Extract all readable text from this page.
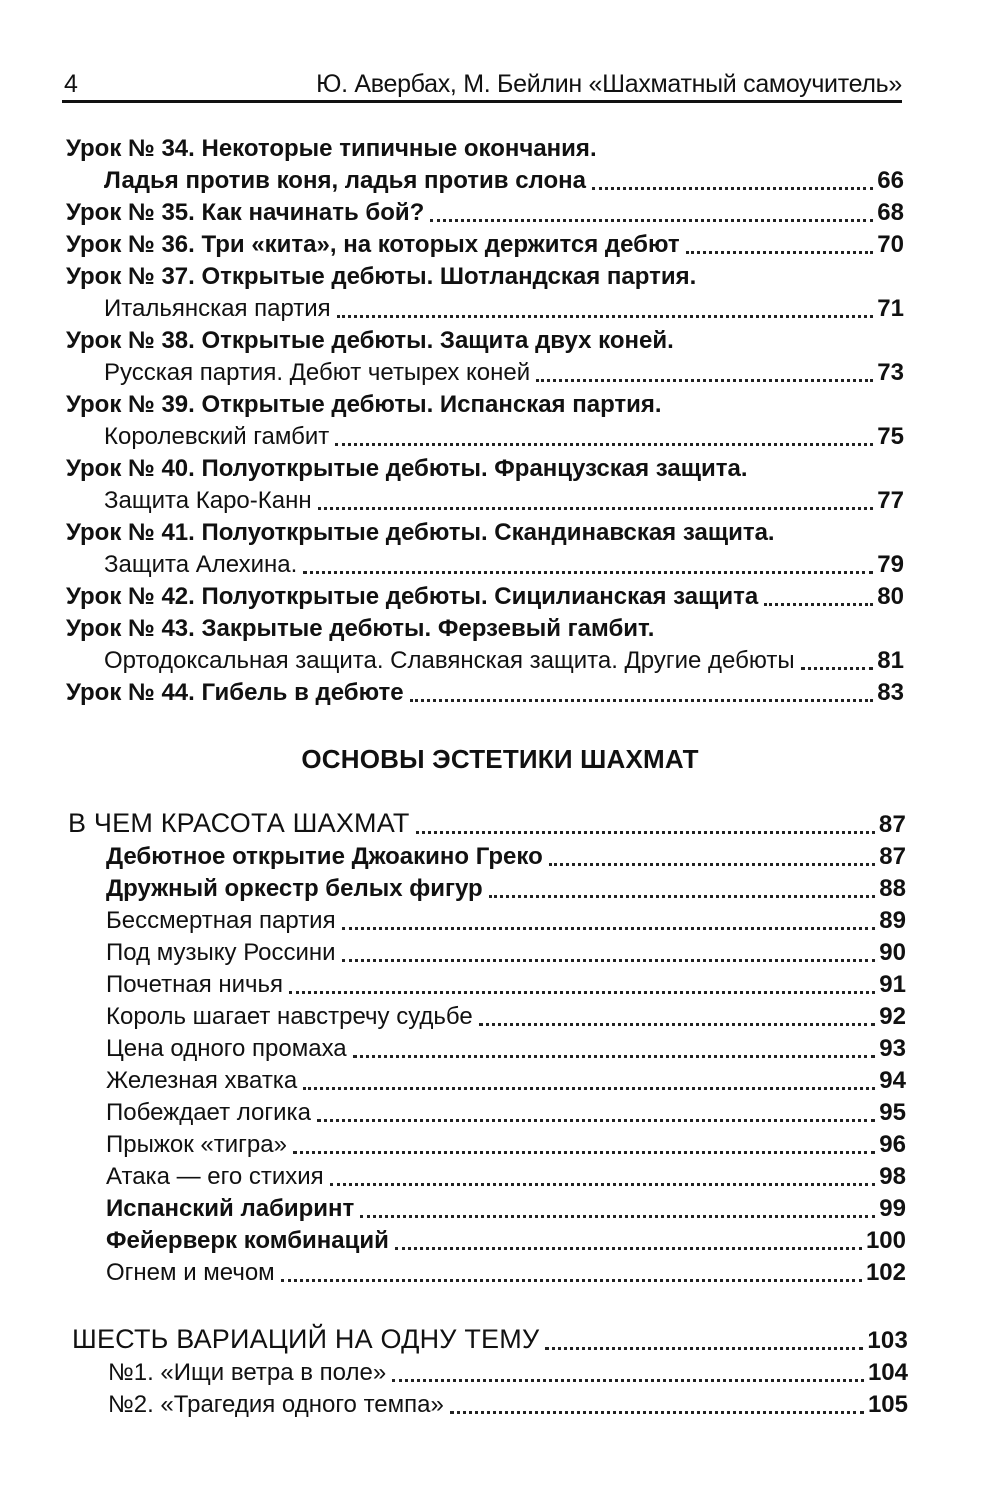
4	Ю. Авербах, М. Бейлин «Шахматный самоучитель»
Урок № 34. Некоторые типичные окончания.
Ладья против коня, ладья против слона	66
Урок № 35. Как начинать бой?	68
Урок № 36. Три «кита», на которых держится дебют	70
Урок № 37. Открытые дебюты. Шотландская партия.
Итальянская партия	71
Урок № 38. Открытые дебюты. Защита двух коней.
Русская партия. Дебют четырех коней	73
Урок № 39. Открытые дебюты. Испанская партия.
Королевский гамбит	75
Урок № 40. Полуоткрытые дебюты. Французская защита.
Защита Каро-Канн	77
Урок № 41. Полуоткрытые дебюты. Скандинавская защита.
Защита Алехина.	79
Урок № 42. Полуоткрытые дебюты. Сицилианская защита	80
Урок № 43. Закрытые дебюты. Ферзевый гамбит.
Ортодоксальная защита. Славянская защита. Другие дебюты	81
Урок № 44. Гибель в дебюте	83
ОСНОВЫ ЭСТЕТИКИ ШАХМАТ
В ЧЕМ КРАСОТА ШАХМАТ	87
Дебютное открытие Джоакино Греко	87
Дружный оркестр белых фигур	88
Бессмертная партия	89
Под музыку Россини	90
Почетная ничья	91
Король шагает навстречу судьбе	92
Цена одного промаха	93
Железная хватка	94
Побеждает логика	95
Прыжок «тигра»	96
Атака — его стихия	98
Испанский лабиринт	99
Фейерверк комбинаций	100
Огнем и мечом	102
ШЕСТЬ ВАРИАЦИЙ НА ОДНУ ТЕМУ	103
№1. «Ищи ветра в поле»	104
№2. «Трагедия одного темпа»	105
